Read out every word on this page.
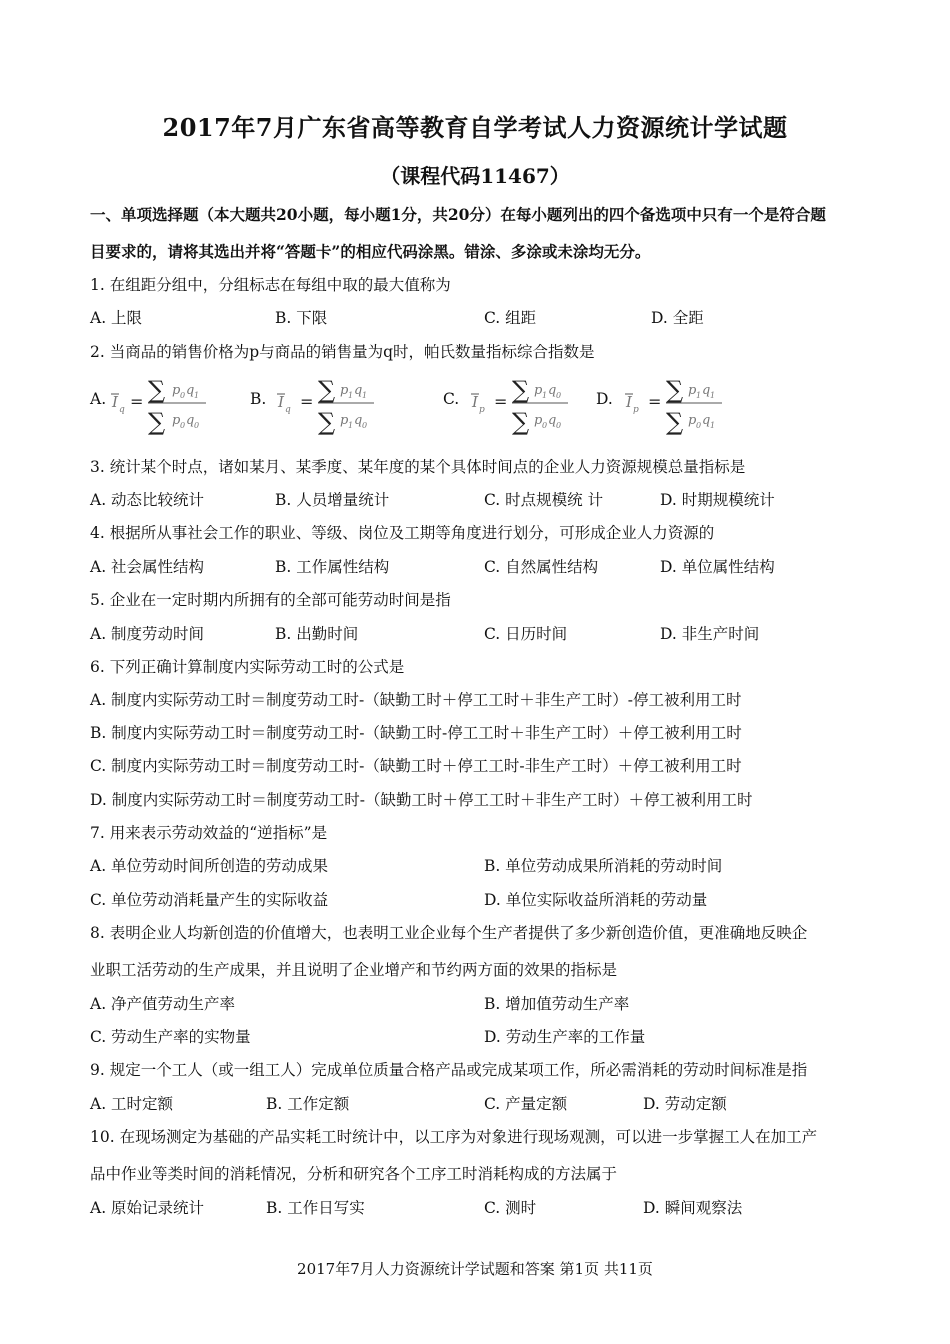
2017年7月广东省高等教育自学考试人力资源统计学试题
（课程代码11467）
一、单项选择题（本大题共20小题，每小题1分，共20分）在每小题列出的四个备选项中只有一个是符合题
目要求的，请将其选出并将“答题卡”的相应代码涂黑。错涂、多涂或未涂均无分。
1. 在组距分组中，分组标志在每组中取的最大值称为
A. 上限	B. 下限	C. 组距	D. 全距
2. 当商品的销售价格为p与商品的销售量为q时，帕氏数量指标综合指数是
A. I q = ∑ p 0 q 1
∑ p 0 q 0
B. I q = ∑ p 1 q 1
∑ p 1 q 0
C. I p = ∑ p 1 q 0
∑ p 0 q 0
D. I p = ∑ p 1 q 1
∑ p 0 q 1
3. 统计某个时点，诸如某月、某季度、某年度的某个具体时间点的企业人力资源规模总量指标是
A. 动态比较统计	B. 人员增量统计	C. 时点规模统 计	D. 时期规模统计
4. 根据所从事社会工作的职业、等级、岗位及工期等角度进行划分，可形成企业人力资源的
A. 社会属性结构	B. 工作属性结构	C. 自然属性结构	D. 单位属性结构
5. 企业在一定时期内所拥有的全部可能劳动时间是指
A. 制度劳动时间	B. 出勤时间	C. 日历时间	D. 非生产时间
6. 下列正确计算制度内实际劳动工时的公式是
A. 制度内实际劳动工时＝制度劳动工时-（缺勤工时＋停工工时＋非生产工时）-停工被利用工时
B. 制度内实际劳动工时＝制度劳动工时-（缺勤工时-停工工时＋非生产工时）＋停工被利用工时
C. 制度内实际劳动工时＝制度劳动工时-（缺勤工时＋停工工时-非生产工时）＋停工被利用工时
D. 制度内实际劳动工时＝制度劳动工时-（缺勤工时＋停工工时＋非生产工时）＋停工被利用工时
7. 用来表示劳动效益的“逆指标”是
A. 单位劳动时间所创造的劳动成果	B. 单位劳动成果所消耗的劳动时间
C. 单位劳动消耗量产生的实际收益	D. 单位实际收益所消耗的劳动量
8. 表明企业人均新创造的价值增大，也表明工业企业每个生产者提供了多少新创造价值，更准确地反映企
业职工活劳动的生产成果，并且说明了企业增产和节约两方面的效果的指标是
A. 净产值劳动生产率	B. 增加值劳动生产率
C. 劳动生产率的实物量	D. 劳动生产率的工作量
9. 规定一个工人（或一组工人）完成单位质量合格产品或完成某项工作，所必需消耗的劳动时间标准是指
A. 工时定额	B. 工作定额	C. 产量定额	D. 劳动定额
10. 在现场测定为基础的产品实耗工时统计中，以工序为对象进行现场观测，可以进一步掌握工人在加工产
品中作业等类时间的消耗情况，分析和研究各个工序工时消耗构成的方法属于
A. 原始记录统计	B. 工作日写实	C. 测时	D. 瞬间观察法
2017年7月人力资源统计学试题和答案 第1页 共11页
